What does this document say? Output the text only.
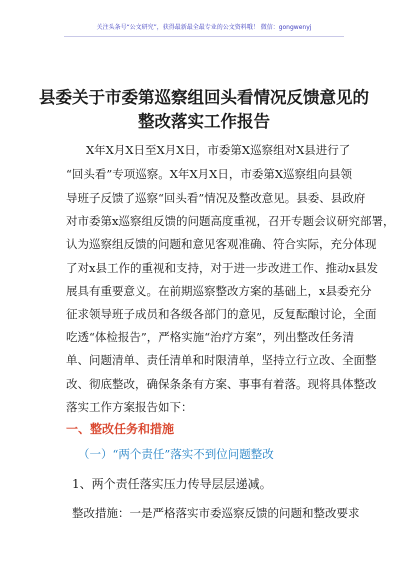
关注头条号“公文研究”，获得最新最全最专业的公文资料哦！ 微信：gongwenyj
县委关于市委第巡察组回头看情况反馈意见的
整改落实工作报告
X年X月X日至X月X日，市委第X巡察组对X县进行了
“回头看”专项巡察。X年X月X日，市委第X巡察组向县领
导班子反馈了巡察“回头看”情况及整改意见。县委、县政府
对市委第x巡察组反馈的问题高度重视，召开专题会议研究部署，
认为巡察组反馈的问题和意见客观准确、符合实际，充分体现
了对x县工作的重视和支持，对于进一步改进工作、推动x县发
展具有重要意义。在前期巡察整改方案的基础上，x县委充分
征求领导班子成员和各级各部门的意见，反复酝酿讨论，全面
吃透“体检报告”，严格实施“治疗方案”，列出整改任务清
单、问题清单、责任清单和时限清单，坚持立行立改、全面整
改、彻底整改，确保条条有方案、事事有着落。现将具体整改
落实工作方案报告如下：
一、整改任务和措施
（一）“两个责任”落实不到位问题整改
1、两个责任落实压力传导层层递减。
整改措施：一是严格落实市委巡察反馈的问题和整改要求
